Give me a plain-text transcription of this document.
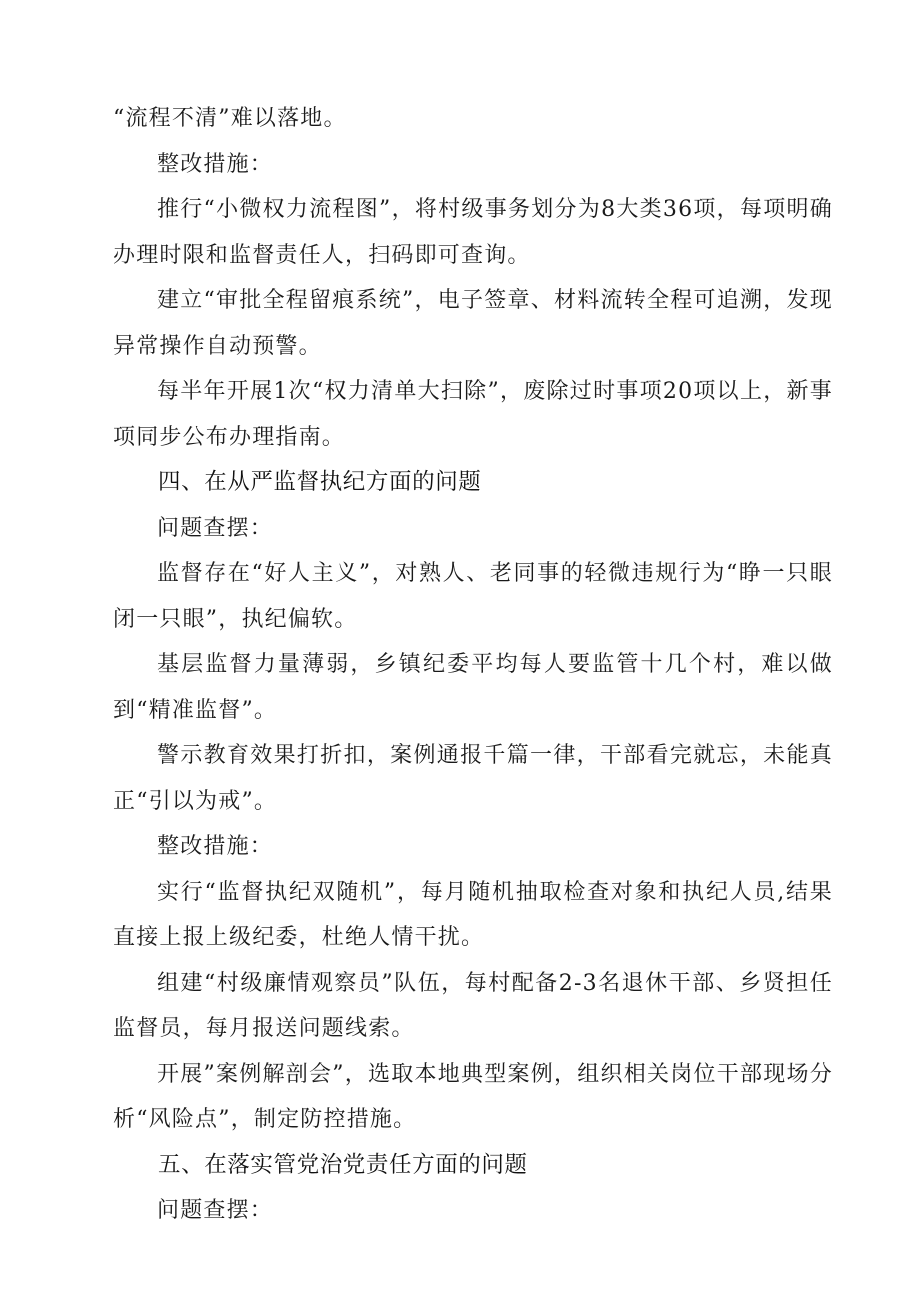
“流程不清”难以落地。

整改措施：

推行“小微权力流程图”，将村级事务划分为8大类36项，每项明确办理时限和监督责任人，扫码即可查询。

建立“审批全程留痕系统”，电子签章、材料流转全程可追溯，发现异常操作自动预警。

每半年开展1次“权力清单大扫除”，废除过时事项20项以上，新事项同步公布办理指南。

四、在从严监督执纪方面的问题

问题查摆：

监督存在“好人主义”，对熟人、老同事的轻微违规行为“睁一只眼闭一只眼”，执纪偏软。

基层监督力量薄弱，乡镇纪委平均每人要监管十几个村，难以做到“精准监督”。

警示教育效果打折扣，案例通报千篇一律，干部看完就忘，未能真正“引以为戒”。

整改措施：

实行“监督执纪双随机”，每月随机抽取检查对象和执纪人员,结果直接上报上级纪委，杜绝人情干扰。

组建“村级廉情观察员”队伍，每村配备2-3名退休干部、乡贤担任监督员，每月报送问题线索。

开展”案例解剖会”，选取本地典型案例，组织相关岗位干部现场分析“风险点”，制定防控措施。

五、在落实管党治党责任方面的问题

问题查摆：
